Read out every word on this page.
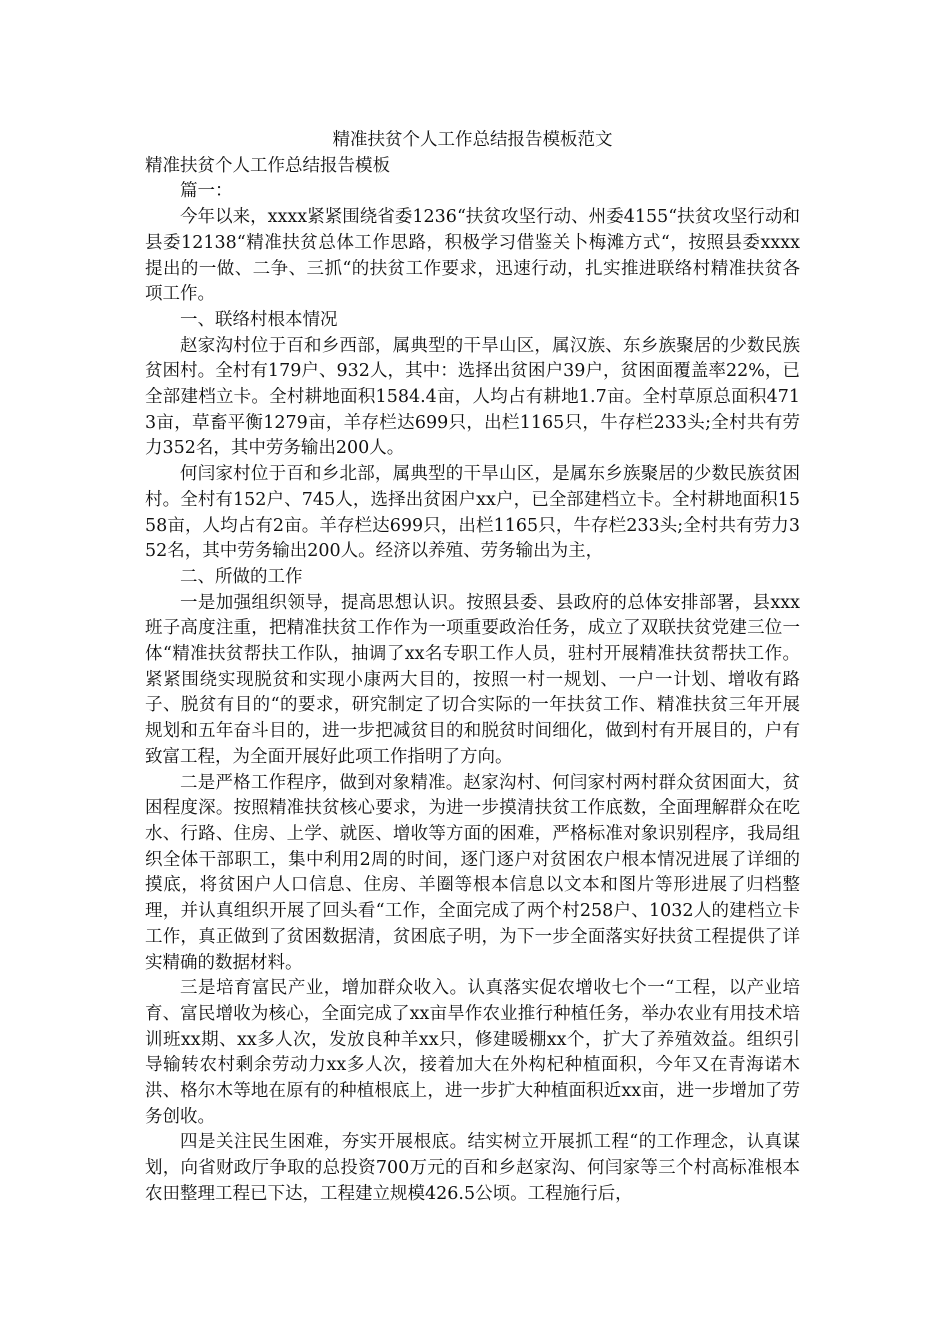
精准扶贫个人工作总结报告模板范文
精准扶贫个人工作总结报告模板

篇一：

今年以来，xxxx紧紧围绕省委1236“扶贫攻坚行动、州委4155“扶贫攻坚行动和县委12138“精准扶贫总体工作思路，积极学习借鉴关卜梅滩方式“，按照县委xxxx提出的一做、二争、三抓“的扶贫工作要求，迅速行动，扎实推进联络村精准扶贫各项工作。

一、联络村根本情况

赵家沟村位于百和乡西部，属典型的干旱山区，属汉族、东乡族聚居的少数民族贫困村。全村有179户、932人，其中：选择出贫困户39户，贫困面覆盖率22%，已全部建档立卡。全村耕地面积1584.4亩，人均占有耕地1.7亩。全村草原总面积4713亩，草畜平衡1279亩，羊存栏达699只，出栏1165只，牛存栏233头;全村共有劳力352名，其中劳务输出200人。

何闫家村位于百和乡北部，属典型的干旱山区，是属东乡族聚居的少数民族贫困村。全村有152户、745人，选择出贫困户xx户，已全部建档立卡。全村耕地面积1558亩，人均占有2亩。羊存栏达699只，出栏1165只，牛存栏233头;全村共有劳力352名，其中劳务输出200人。经济以养殖、劳务输出为主，

二、所做的工作

一是加强组织领导，提高思想认识。按照县委、县政府的总体安排部署，县xxx班子高度注重，把精准扶贫工作作为一项重要政治任务，成立了双联扶贫党建三位一体“精准扶贫帮扶工作队，抽调了xx名专职工作人员，驻村开展精准扶贫帮扶工作。紧紧围绕实现脱贫和实现小康两大目的，按照一村一规划、一户一计划、增收有路子、脱贫有目的“的要求，研究制定了切合实际的一年扶贫工作、精准扶贫三年开展规划和五年奋斗目的，进一步把减贫目的和脱贫时间细化，做到村有开展目的，户有致富工程，为全面开展好此项工作指明了方向。

二是严格工作程序，做到对象精准。赵家沟村、何闫家村两村群众贫困面大，贫困程度深。按照精准扶贫核心要求，为进一步摸清扶贫工作底数，全面理解群众在吃水、行路、住房、上学、就医、增收等方面的困难，严格标准对象识别程序，我局组织全体干部职工，集中利用2周的时间，逐门逐户对贫困农户根本情况进展了详细的摸底，将贫困户人口信息、住房、羊圈等根本信息以文本和图片等形进展了归档整理，并认真组织开展了回头看“工作，全面完成了两个村258户、1032人的建档立卡工作，真正做到了贫困数据清，贫困底子明，为下一步全面落实好扶贫工程提供了详实精确的数据材料。

三是培育富民产业，增加群众收入。认真落实促农增收七个一“工程，以产业培育、富民增收为核心，全面完成了xx亩旱作农业推行种植任务，举办农业有用技术培训班xx期、xx多人次，发放良种羊xx只，修建暖棚xx个，扩大了养殖效益。组织引导输转农村剩余劳动力xx多人次，接着加大在外构杞种植面积，今年又在青海诺木洪、格尔木等地在原有的种植根底上，进一步扩大种植面积近xx亩，进一步增加了劳务创收。

四是关注民生困难，夯实开展根底。结实树立开展抓工程“的工作理念，认真谋划，向省财政厅争取的总投资700万元的百和乡赵家沟、何闫家等三个村高标准根本农田整理工程已下达，工程建立规模426.5公顷。工程施行后，
